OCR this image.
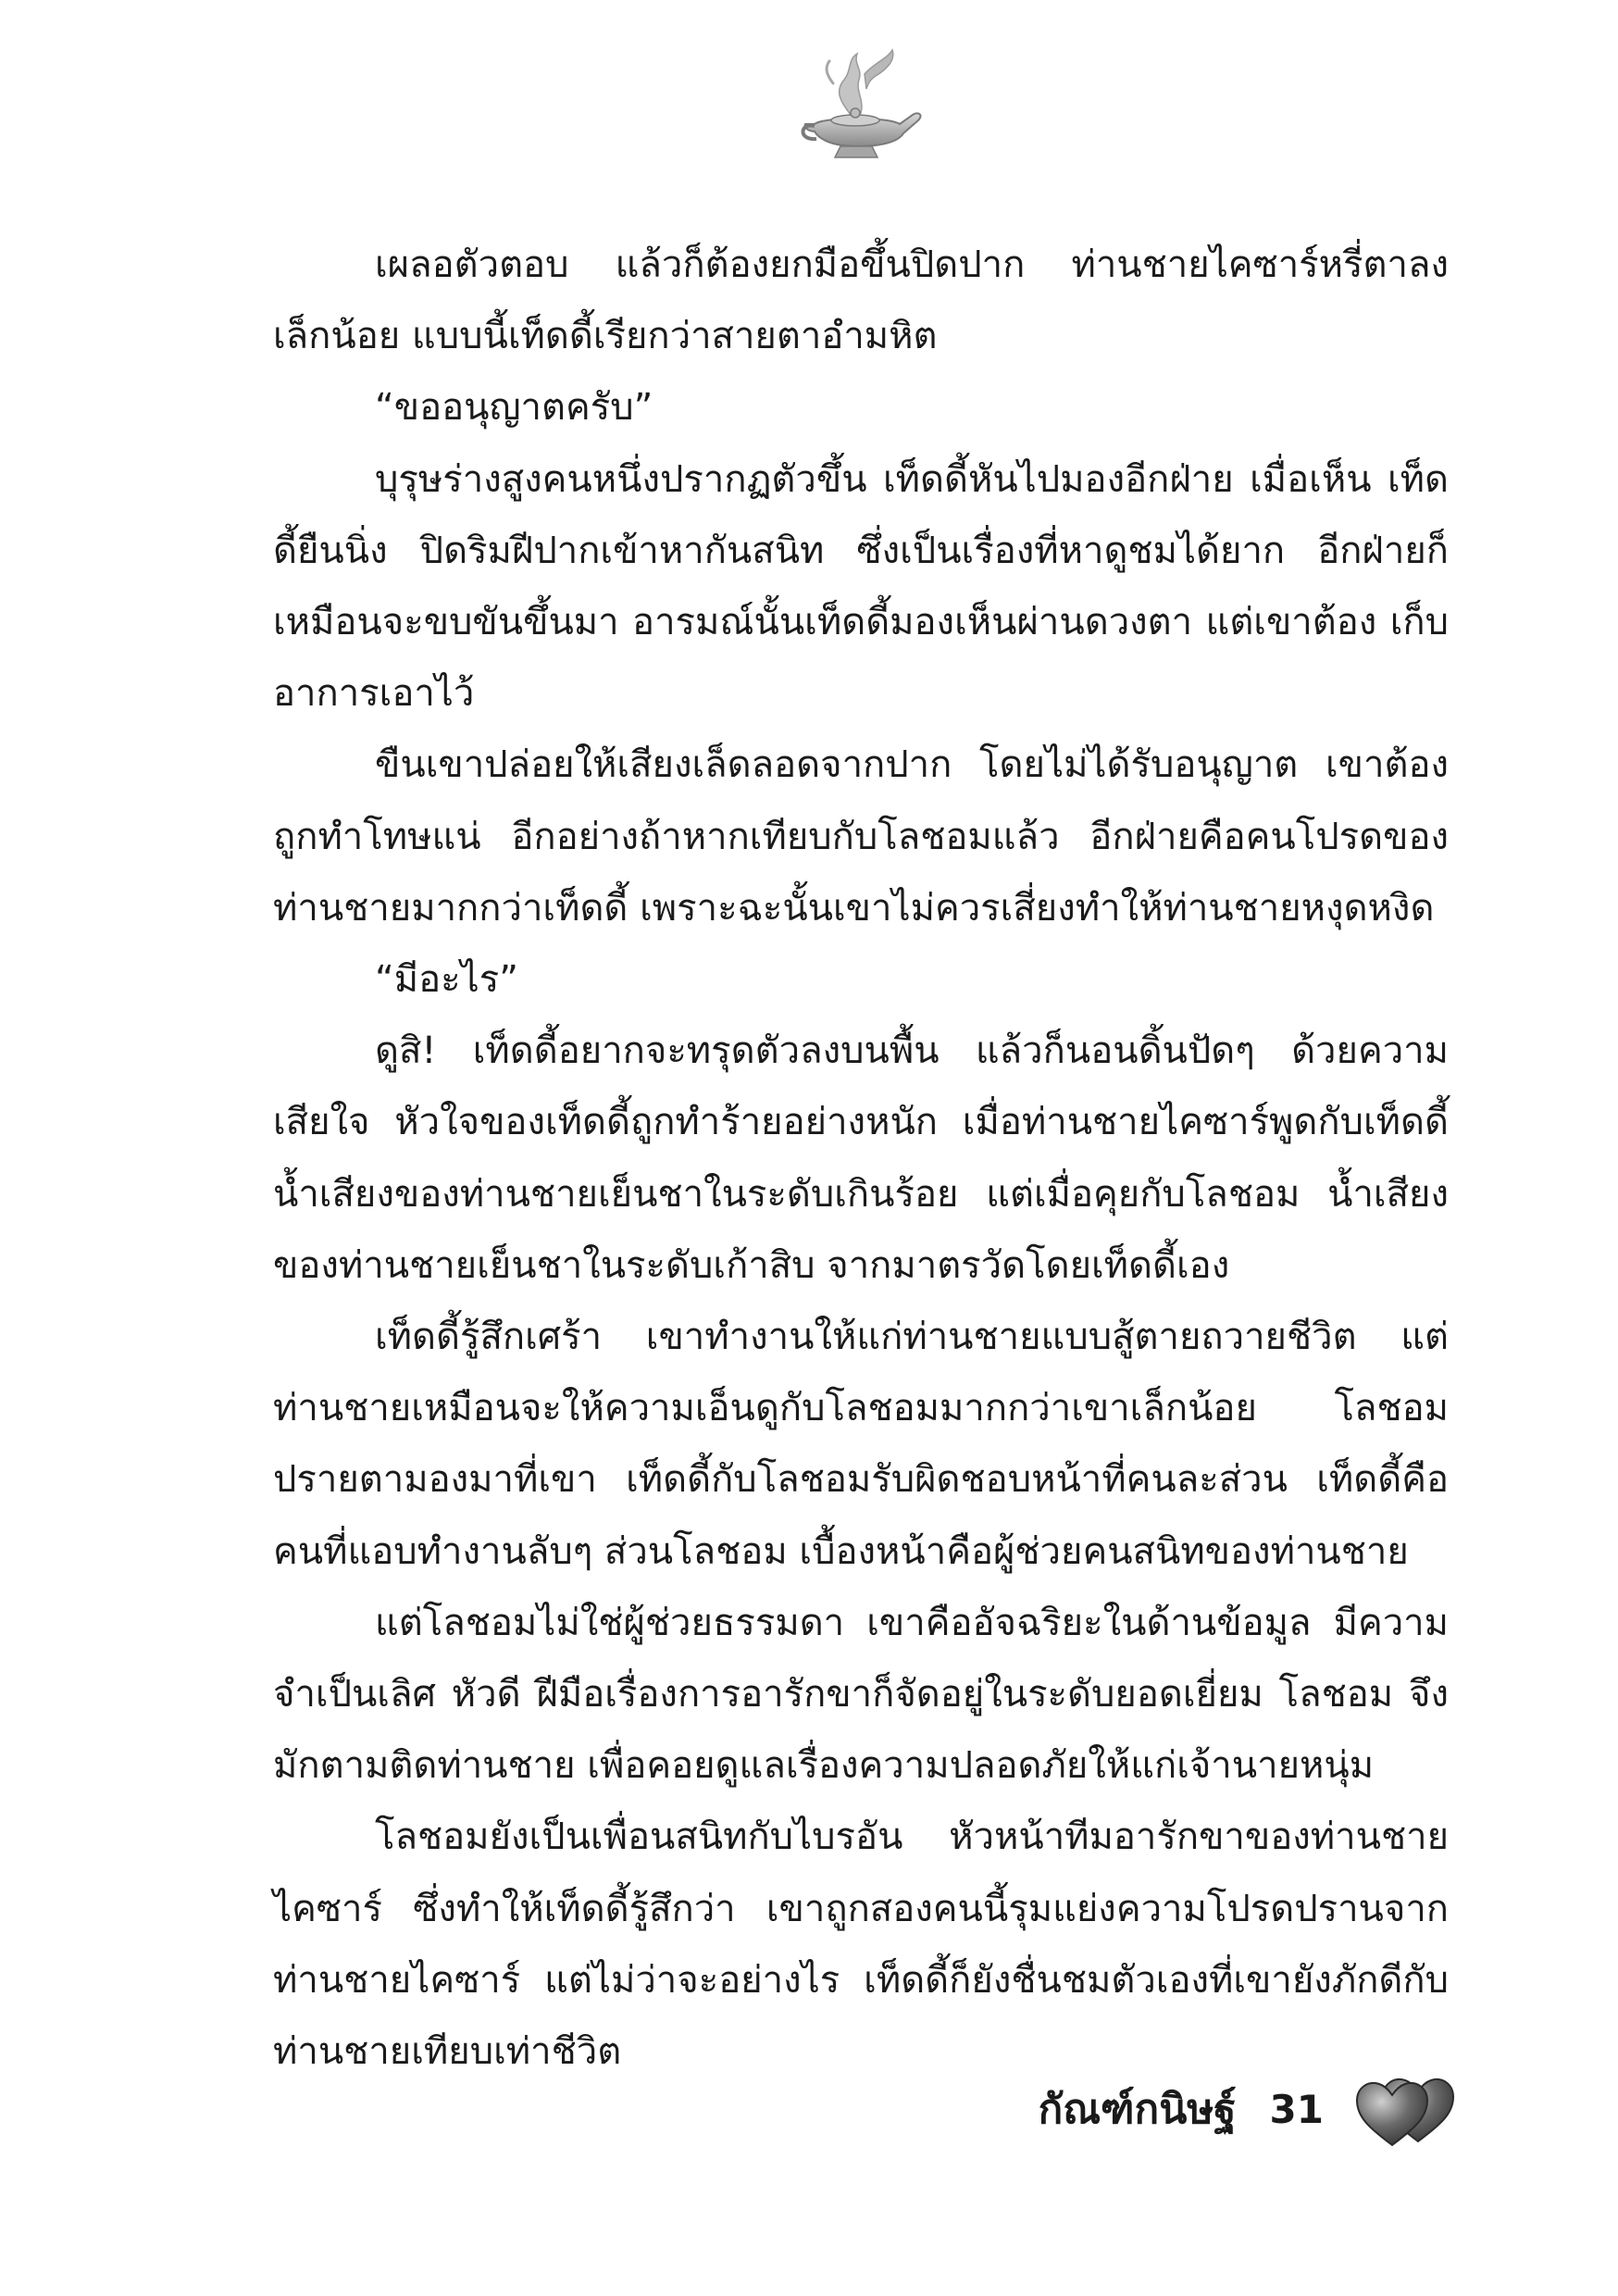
เผลอตัวตอบ แล้วก็ต้องยกมือขึ้นปิดปาก ท่านชายไคซาร์หรี่ตาลง เล็กน้อย แบบนี้เท็ดดี้เรียกว่าสายตาอำมหิต

“ขออนุญาตครับ”

บุรุษร่างสูงคนหนึ่งปรากฏตัวขึ้น เท็ดดี้หันไปมองอีกฝ่าย เมื่อเห็น เท็ดดี้ยืนนิ่ง ปิดริมฝีปากเข้าหากันสนิท ซึ่งเป็นเรื่องที่หาดูชมได้ยาก อีกฝ่ายก็ เหมือนจะขบขันขึ้นมา อารมณ์นั้นเท็ดดี้มองเห็นผ่านดวงตา แต่เขาต้อง เก็บอาการเอาไว้

ขืนเขาปล่อยให้เสียงเล็ดลอดจากปาก โดยไม่ได้รับอนุญาต เขาต้อง ถูกทำโทษแน่ อีกอย่างถ้าหากเทียบกับโลชอมแล้ว อีกฝ่ายคือคนโปรดของ ท่านชายมากกว่าเท็ดดี้ เพราะฉะนั้นเขาไม่ควรเสี่ยงทำให้ท่านชายหงุดหงิด

“มีอะไร”

ดูสิ! เท็ดดี้อยากจะทรุดตัวลงบนพื้น แล้วก็นอนดิ้นปัดๆ ด้วยความ เสียใจ หัวใจของเท็ดดี้ถูกทำร้ายอย่างหนัก เมื่อท่านชายไคซาร์พูดกับเท็ดดี้ น้ำเสียงของท่านชายเย็นชาในระดับเกินร้อย แต่เมื่อคุยกับโลชอม น้ำเสียง ของท่านชายเย็นชาในระดับเก้าสิบ จากมาตรวัดโดยเท็ดดี้เอง

เท็ดดี้รู้สึกเศร้า เขาทำงานให้แก่ท่านชายแบบสู้ตายถวายชีวิต แต่ ท่านชายเหมือนจะให้ความเอ็นดูกับโลชอมมากกว่าเขาเล็กน้อย โลชอม ปรายตามองมาที่เขา เท็ดดี้กับโลชอมรับผิดชอบหน้าที่คนละส่วน เท็ดดี้คือ คนที่แอบทำงานลับๆ ส่วนโลชอม เบื้องหน้าคือผู้ช่วยคนสนิทของท่านชาย

แต่โลชอมไม่ใช่ผู้ช่วยธรรมดา เขาคืออัจฉริยะในด้านข้อมูล มีความ จำเป็นเลิศ หัวดี ฝีมือเรื่องการอารักขาก็จัดอยู่ในระดับยอดเยี่ยม โลชอม จึงมักตามติดท่านชาย เพื่อคอยดูแลเรื่องความปลอดภัยให้แก่เจ้านายหนุ่ม

โลชอมยังเป็นเพื่อนสนิทกับไบรอัน หัวหน้าทีมอารักขาของท่านชาย ไคซาร์ ซึ่งทำให้เท็ดดี้รู้สึกว่า เขาถูกสองคนนี้รุมแย่งความโปรดปรานจาก ท่านชายไคซาร์ แต่ไม่ว่าจะอย่างไร เท็ดดี้ก็ยังชื่นชมตัวเองที่เขายังภักดีกับ ท่านชายเทียบเท่าชีวิต

กัณฑ์กนิษฐ์ 31
